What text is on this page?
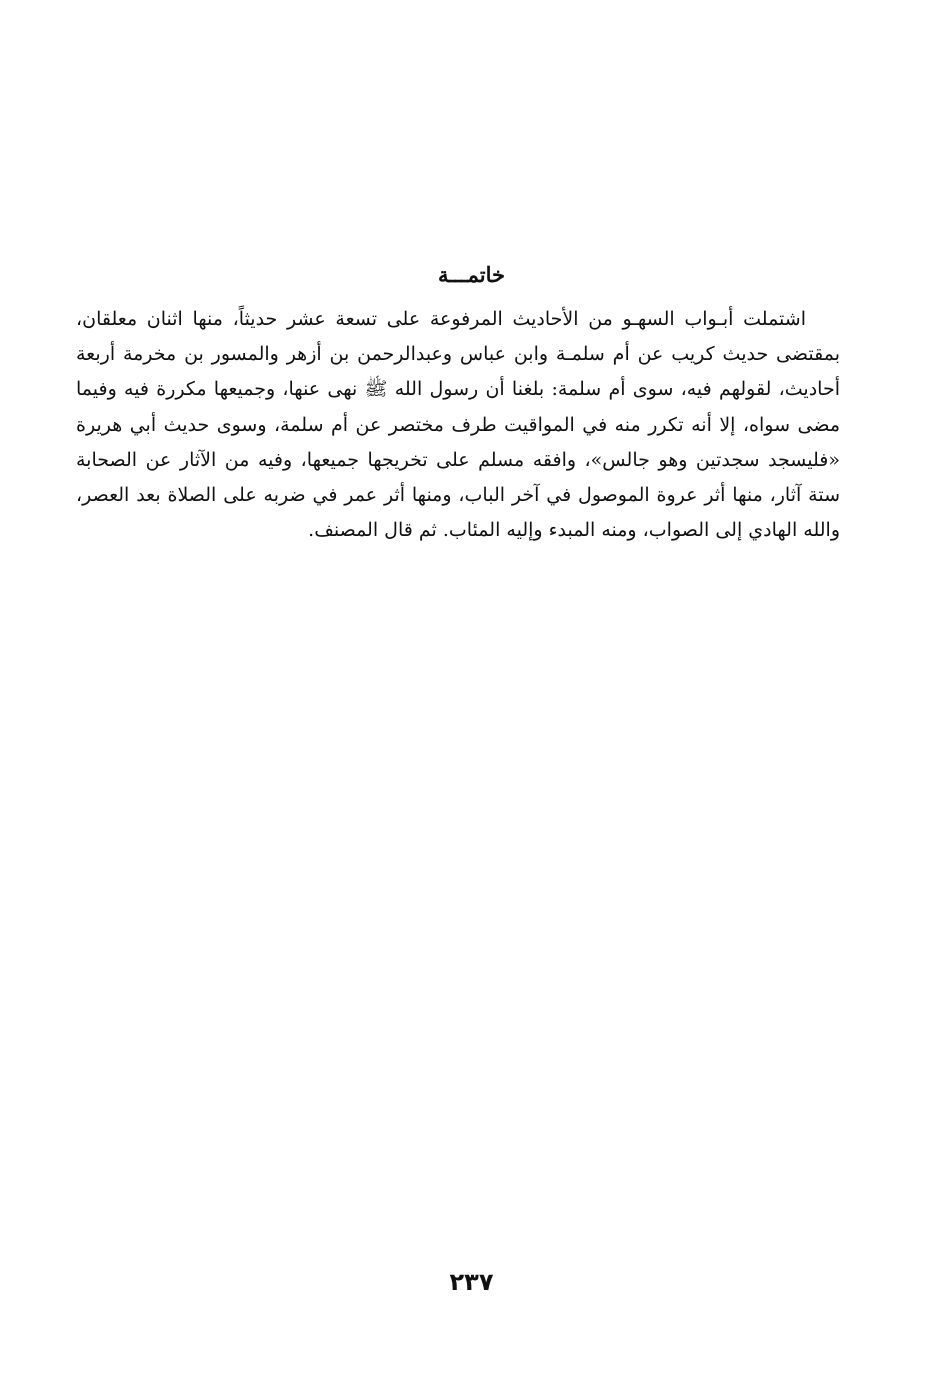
خاتمـــة
اشتملت أبـواب السهـو من الأحاديث المرفوعة على تسعة عشر حديثاً، منها اثنان معلقان،
بمقتضى حديث كريب عن أم سلمـة وابن عباس وعبدالرحمن بن أزهر والمسور بن مخرمة أربعة
أحاديث، لقولهم فيه، سوى أم سلمة: بلغنا أن رسول الله ﷺ نهى عنها، وجميعها مكررة فيه وفيما
مضى سواه، إلا أنه تكرر منه في المواقيت طرف مختصر عن أم سلمة، وسوى حديث أبي هريرة
«فليسجد سجدتين وهو جالس»، وافقه مسلم على تخريجها جميعها، وفيه من الآثار عن الصحابة
ستة آثار، منها أثر عروة الموصول في آخر الباب، ومنها أثر عمر في ضربه على الصلاة بعد العصر،
والله الهادي إلى الصواب، ومنه المبدء وإليه المئاب. ثم قال المصنف.
٢٣٧
